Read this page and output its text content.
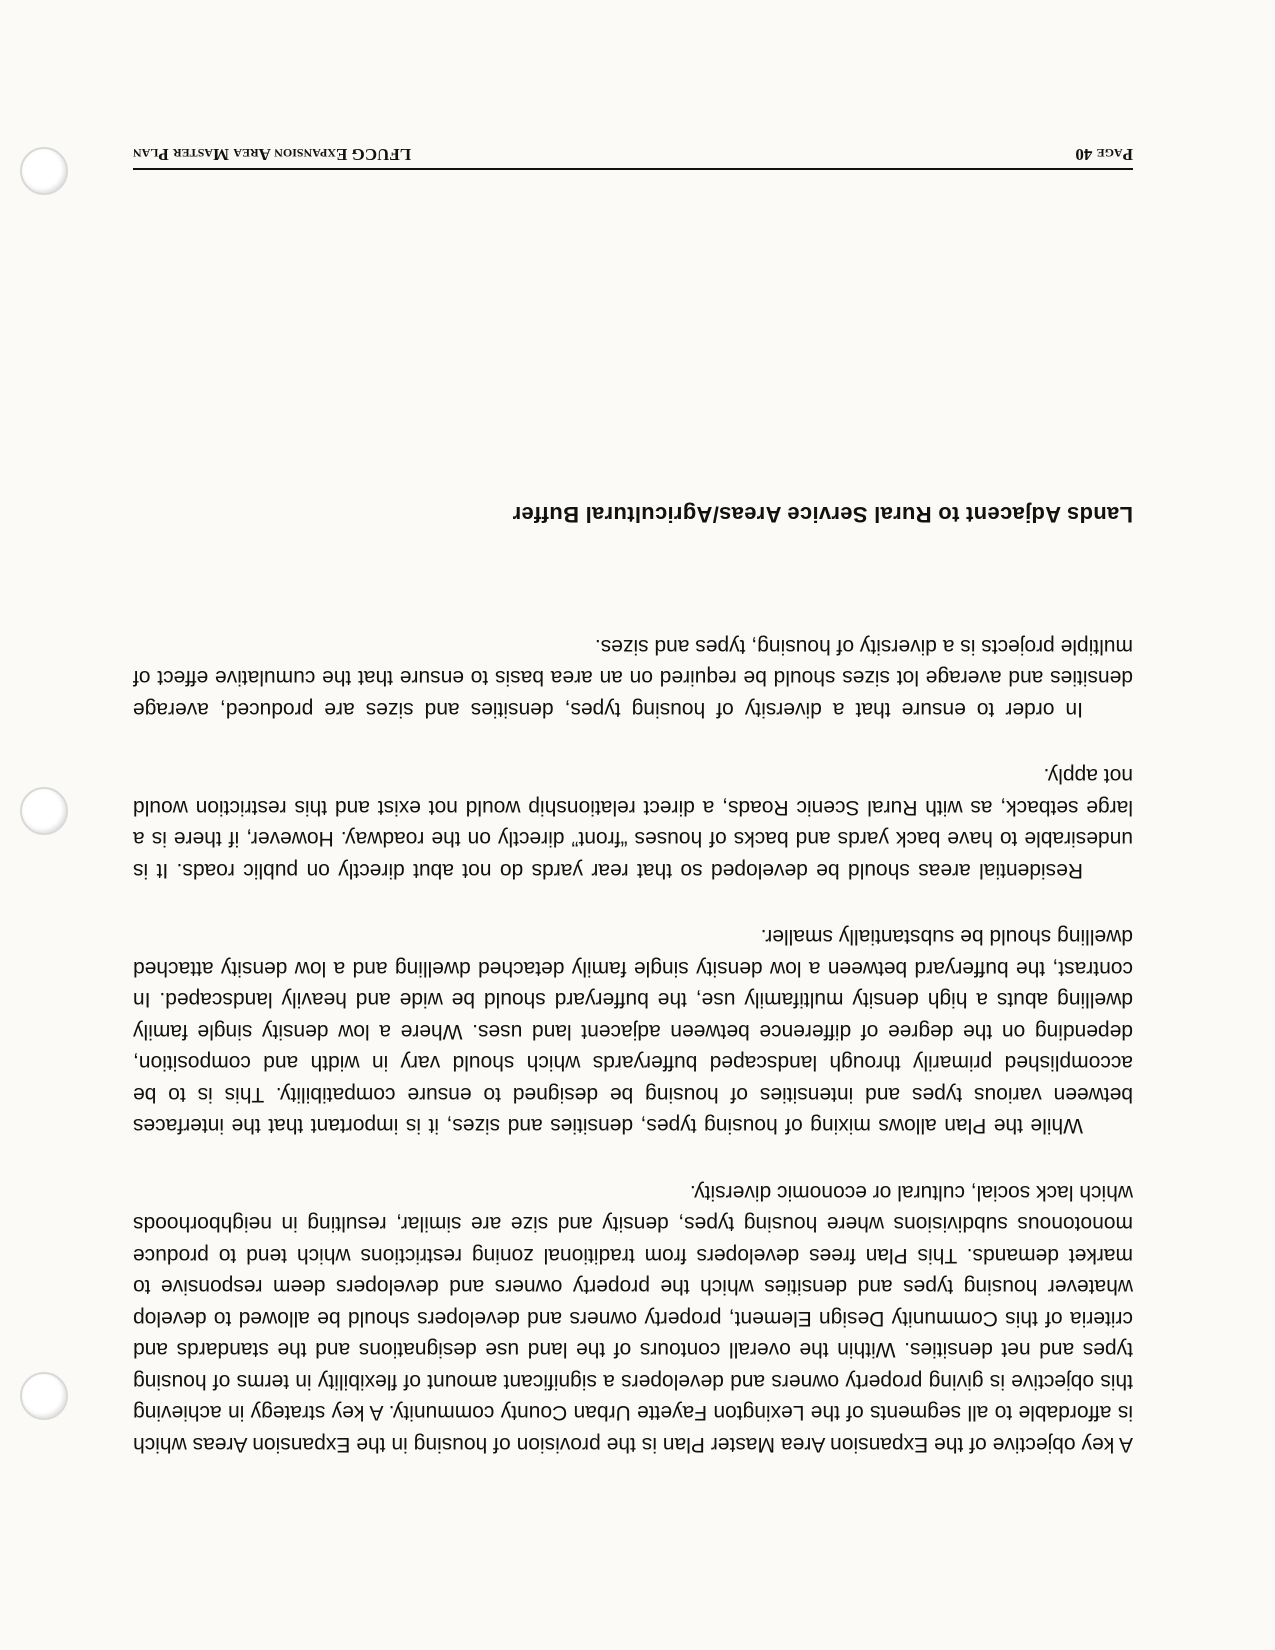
A key objective of the Expansion Area Master Plan is the provision of housing in the Expansion Areas which is affordable to all segments of the Lexington Fayette Urban County community. A key strategy in achieving this objective is giving property owners and developers a significant amount of flexibility in terms of housing types and net densities. Within the overall contours of the land use designations and the standards and criteria of this Community Design Element, property owners and developers should be allowed to develop whatever housing types and densities which the property owners and developers deem responsive to market demands. This Plan frees developers from traditional zoning restrictions which tend to produce monotonous subdivisions where housing types, density and size are similar, resulting in neighborhoods which lack social, cultural or economic diversity.

While the Plan allows mixing of housing types, densities and sizes, it is important that the interfaces between various types and intensities of housing be designed to ensure compatibility. This is to be accomplished primarily through landscaped bufferyards which should vary in width and composition, depending on the degree of difference between adjacent land uses. Where a low density single family dwelling abuts a high density multifamily use, the bufferyard should be wide and heavily landscaped. In contrast, the bufferyard between a low density single family detached dwelling and a low density attached dwelling should be substantially smaller.

Residential areas should be developed so that rear yards do not abut directly on public roads. It is undesirable to have back yards and backs of houses “front” directly on the roadway. However, if there is a large setback, as with Rural Scenic Roads, a direct relationship would not exist and this restriction would not apply.

In order to ensure that a diversity of housing types, densities and sizes are produced, average densities and average lot sizes should be required on an area basis to ensure that the cumulative effect of multiple projects is a diversity of housing, types and sizes.

Lands Adjacent to Rural Service Areas/Agricultural Buffer
Page 40
LFUCG Expansion Area Master Plan
